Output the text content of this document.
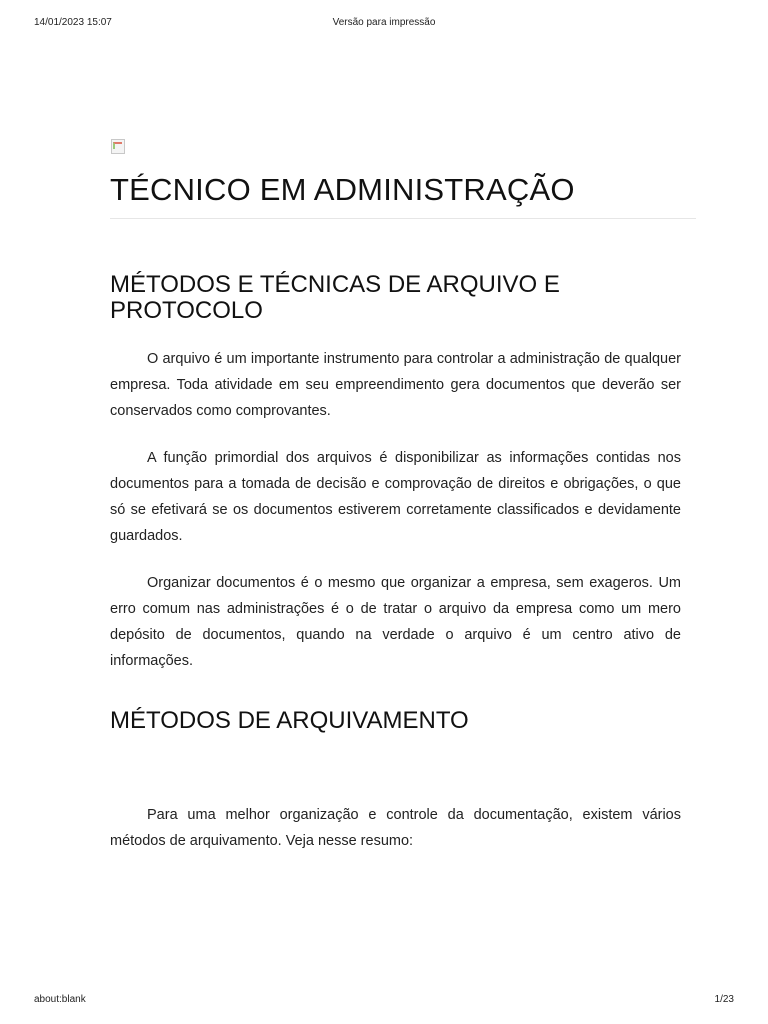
14/01/2023 15:07	Versão para impressão
TÉCNICO EM ADMINISTRAÇÃO
MÉTODOS E TÉCNICAS DE ARQUIVO E PROTOCOLO

O arquivo é um importante instrumento para controlar a administração de qualquer empresa. Toda atividade em seu empreendimento gera documentos que deverão ser conservados como comprovantes.

A função primordial dos arquivos é disponibilizar as informações contidas nos documentos para a tomada de decisão e comprovação de direitos e obrigações, o que só se efetivará se os documentos estiverem corretamente classificados e devidamente guardados.

Organizar documentos é o mesmo que organizar a empresa, sem exageros. Um erro comum nas administrações é o de tratar o arquivo da empresa como um mero depósito de documentos, quando na verdade o arquivo é um centro ativo de informações.

MÉTODOS DE ARQUIVAMENTO

Para uma melhor organização e controle da documentação, existem vários métodos de arquivamento. Veja nesse resumo:

about:blank	1/23
